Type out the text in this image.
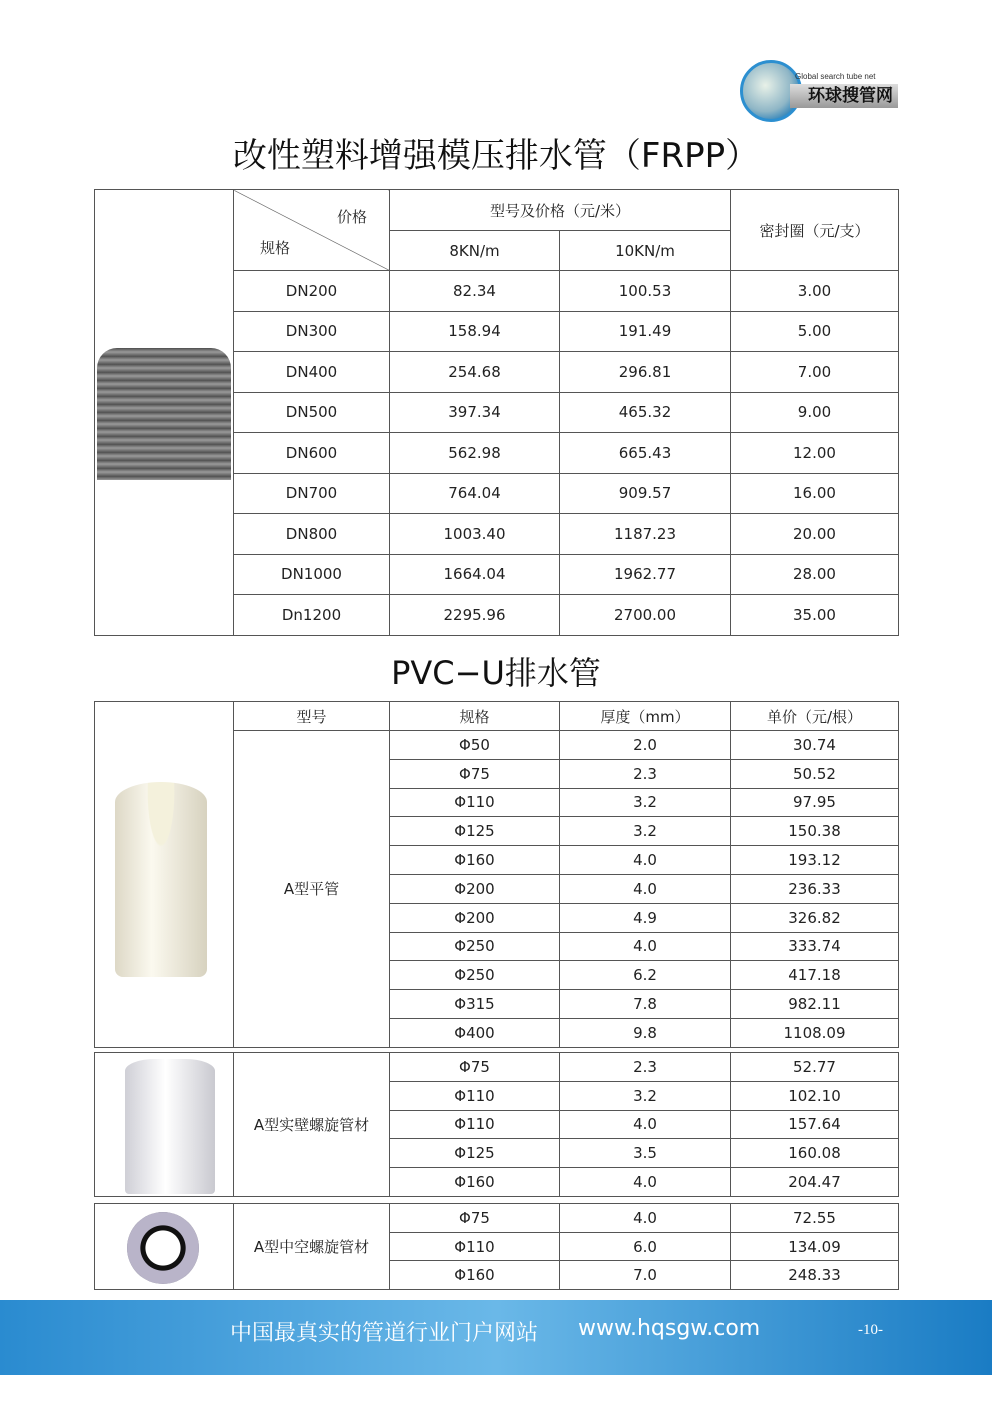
Global search tube net
环球搜管网
改性塑料增强模压排水管（FRPP）

	价格
规格	型号及价格（元/米）		密封圈（元/支）
		8KN/m	10KN/m	
	DN200	82.34	100.53	3.00
	DN300	158.94	191.49	5.00
	DN400	254.68	296.81	7.00
	DN500	397.34	465.32	9.00
	DN600	562.98	665.43	12.00
	DN700	764.04	909.57	16.00
	DN800	1003.40	1187.23	20.00
	DN1000	1664.04	1962.77	28.00
	Dn1200	2295.96	2700.00	35.00
PVC−U排水管
	型号	规格	厚度（mm）	单价（元/根）
	A型平管	Φ50	2.0	30.74
		Φ75	2.3	50.52
		Φ110	3.2	97.95
		Φ125	3.2	150.38
		Φ160	4.0	193.12
		Φ200	4.0	236.33
		Φ200	4.9	326.82
		Φ250	4.0	333.74
		Φ250	6.2	417.18
		Φ315	7.8	982.11
		Φ400	9.8	1108.09
	A型实壁螺旋管材	Φ75	2.3	52.77
		Φ110	3.2	102.10
		Φ110	4.0	157.64
		Φ125	3.5	160.08
		Φ160	4.0	204.47
	A型中空螺旋管材	Φ75	4.0	72.55
		Φ110	6.0	134.09
		Φ160	7.0	248.33
中国最真实的管道行业门户网站 www.hqsgw.com	-10-
